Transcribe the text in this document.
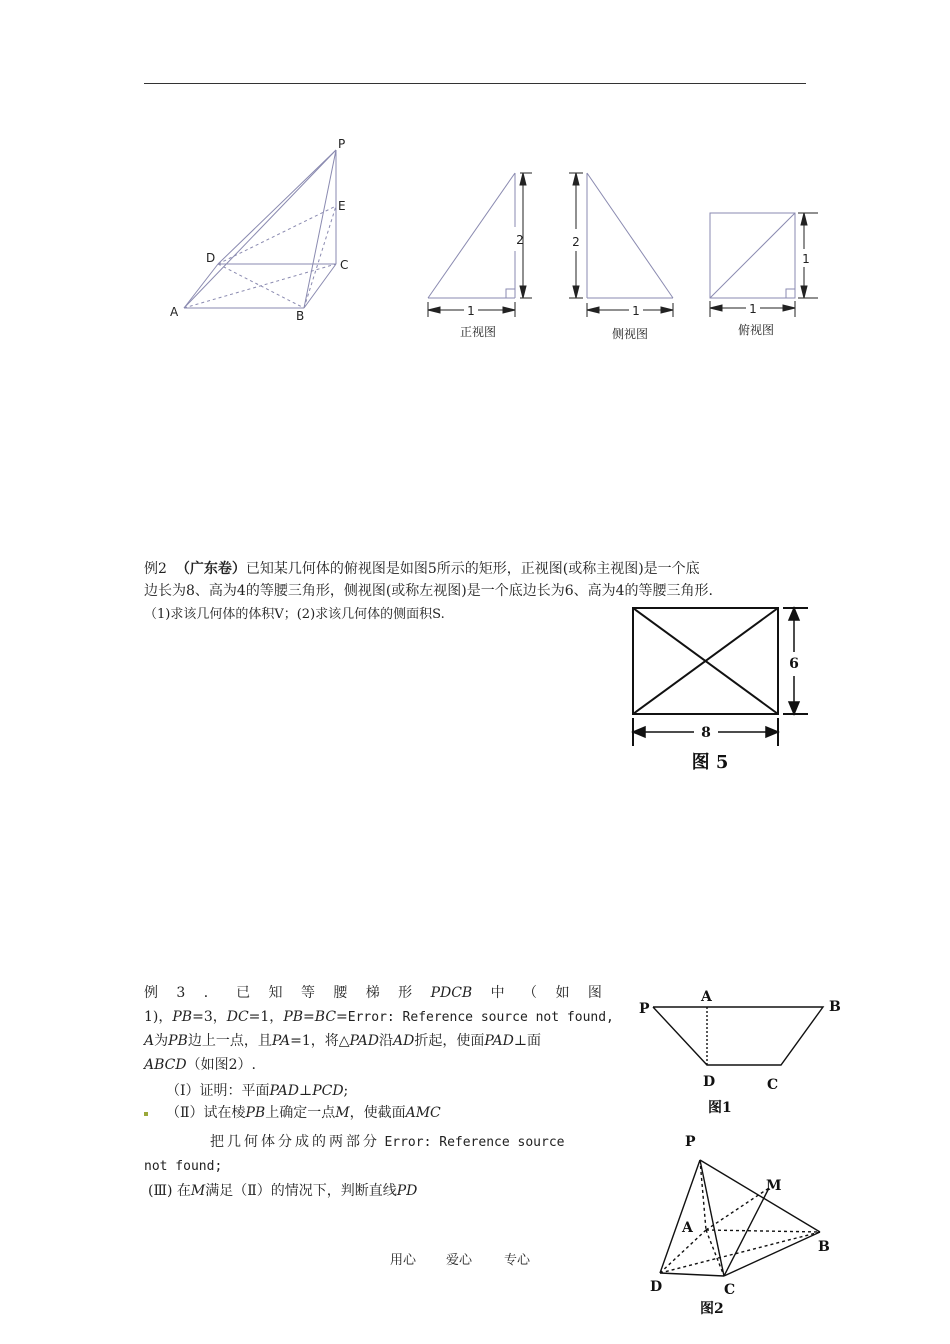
P
E
D	C
A	B
2
1
正视图
2
1
侧视图
1
1
俯视图
例2 （广东卷）已知某几何体的俯视图是如图5所示的矩形，正视图(或称主视图)是一个底
边长为8、高为4的等腰三角形，侧视图(或称左视图)是一个底边长为6、高为4的等腰三角形.
（1)求该几何体的体积V；(2)求该几何体的侧面积S.
6
8
图 5
例 3 ． 已 知 等 腰 梯 形 PDCB 中 （ 如 图
1)，PB=3，DC=1，PB=BC=Error: Reference source not found,
A为PB边上一点，且PA=1，将△PAD沿AD折起，使面PAD⊥面
ABCD（如图2）.
（Ⅰ）证明：平面PAD⊥PCD;
（Ⅱ）试在棱PB上确定一点M，使截面AMC
把几何体分成的两部分 Error: Reference source
not found;
(Ⅲ) 在M满足（Ⅱ）的情况下，判断直线PD
P
A
B
D	C
图1
P
M
A
B
D	C
图2
用心 爱心 专心
